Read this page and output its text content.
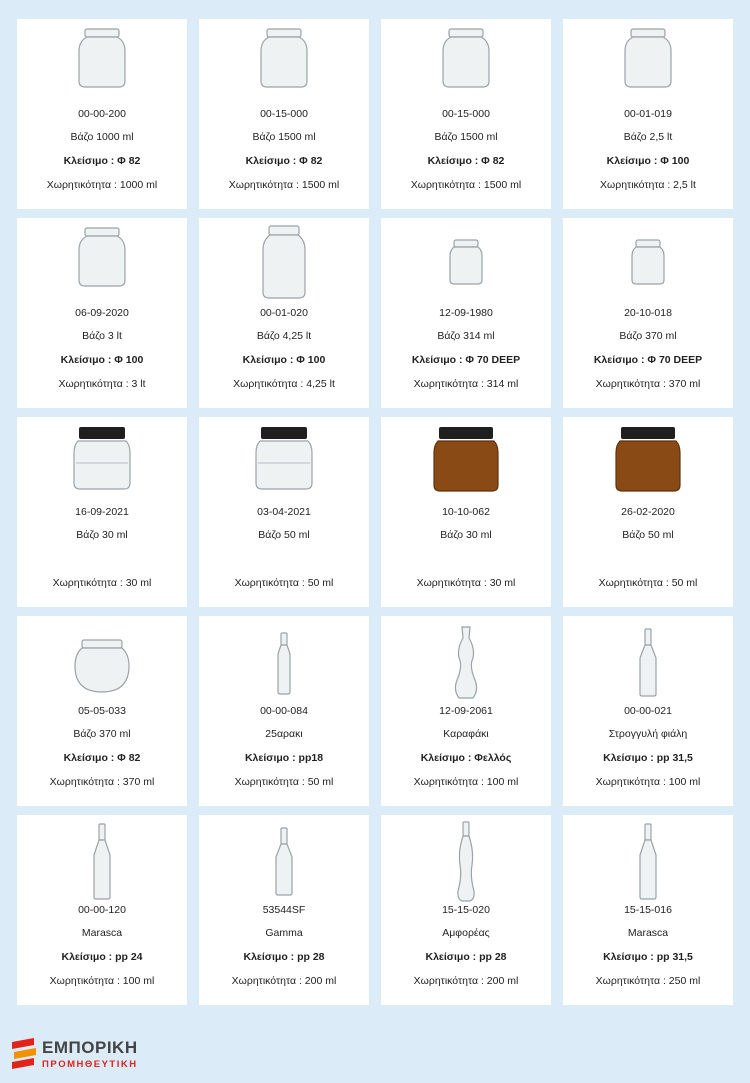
00-00-200
Βάζο 1000 ml
Κλείσιμο : Φ 82
Χωρητικότητα : 1000 ml
00-15-000
Βάζο 1500 ml
Κλείσιμο : Φ 82
Χωρητικότητα : 1500 ml
00-15-000
Βάζο 1500 ml
Κλείσιμο : Φ 82
Χωρητικότητα : 1500 ml
00-01-019
Βάζο 2,5 lt
Κλείσιμο : Φ 100
Χωρητικότητα : 2,5 lt
06-09-2020
Βάζο 3 lt
Κλείσιμο : Φ 100
Χωρητικότητα : 3 lt
00-01-020
Βάζο 4,25 lt
Κλείσιμο : Φ 100
Χωρητικότητα : 4,25 lt
12-09-1980
Βάζο 314 ml
Κλείσιμο : Φ 70 DEEP
Χωρητικότητα : 314 ml
20-10-018
Βάζο 370 ml
Κλείσιμο : Φ 70 DEEP
Χωρητικότητα : 370 ml
16-09-2021
Βάζο 30 ml
Χωρητικότητα : 30 ml
03-04-2021
Βάζο 50 ml
Χωρητικότητα : 50 ml
10-10-062
Βάζο 30 ml
Χωρητικότητα : 30 ml
26-02-2020
Βάζο 50 ml
Χωρητικότητα : 50 ml
05-05-033
Βάζο 370 ml
Κλείσιμο : Φ 82
Χωρητικότητα : 370 ml
00-00-084
25αρακι
Κλείσιμο : pp18
Χωρητικότητα : 50 ml
12-09-2061
Καραφάκι
Κλείσιμο : Φελλός
Χωρητικότητα : 100 ml
00-00-021
Στρογγυλή φιάλη
Κλείσιμο : pp 31,5
Χωρητικότητα : 100 ml
00-00-120
Marasca
Κλείσιμο : pp 24
Χωρητικότητα : 100 ml
53544SF
Gamma
Κλείσιμο : pp 28
Χωρητικότητα : 200 ml
15-15-020
Αμφορέας
Κλείσιμο : pp 28
Χωρητικότητα : 200 ml
15-15-016
Marasca
Κλείσιμο : pp 31,5
Χωρητικότητα : 250 ml
ΕΜΠΟΡΙΚΗ
ΠΡΟΜΗΘΕΥΤΙΚΗ
